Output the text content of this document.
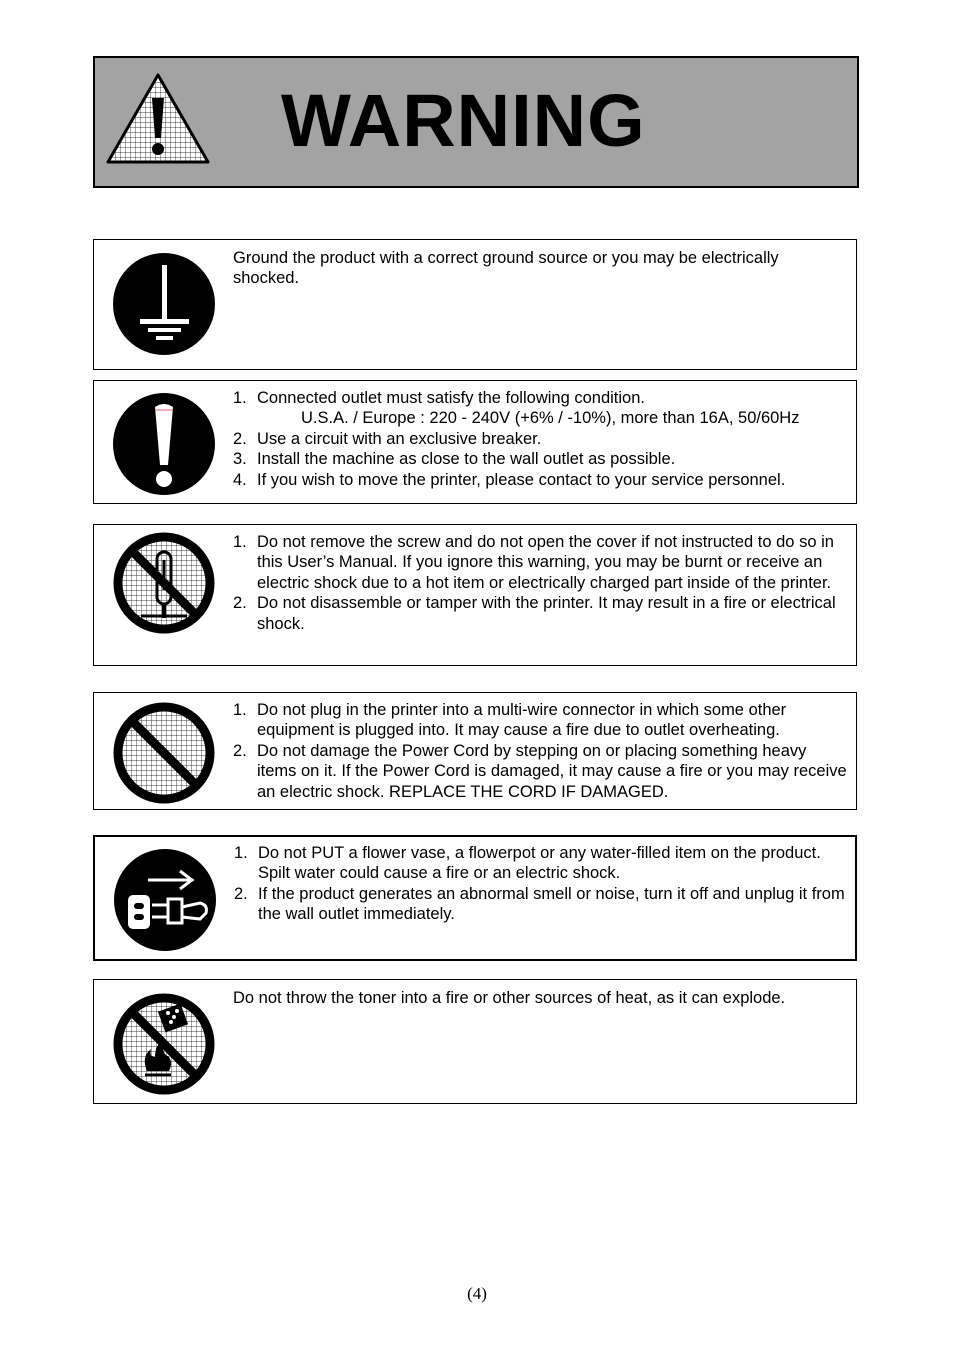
WARNING

Ground the product with a correct ground source or you may be electrically shocked.

1. Connected outlet must satisfy the following condition.
U.S.A. / Europe : 220 - 240V (+6% / -10%), more than 16A, 50/60Hz
2. Use a circuit with an exclusive breaker.
3. Install the machine as close to the wall outlet as possible.
4. If you wish to move the printer, please contact to your service personnel.
1. Do not remove the screw and do not open the cover if not instructed to do so in this User’s Manual. If you ignore this warning, you may be burnt or receive an electric shock due to a hot item or electrically charged part inside of the printer.
2. Do not disassemble or tamper with the printer. It may result in a fire or electrical shock.
1. Do not plug in the printer into a multi-wire connector in which some other equipment is plugged into. It may cause a fire due to outlet overheating.
2. Do not damage the Power Cord by stepping on or placing something heavy items on it. If the Power Cord is damaged, it may cause a fire or you may receive an electric shock. REPLACE THE CORD IF DAMAGED.
1. Do not PUT a flower vase, a flowerpot or any water-filled item on the product. Spilt water could cause a fire or an electric shock.
2. If the product generates an abnormal smell or noise, turn it off and unplug it from the wall outlet immediately.

Do not throw the toner into a fire or other sources of heat, as it can explode.

(4)
